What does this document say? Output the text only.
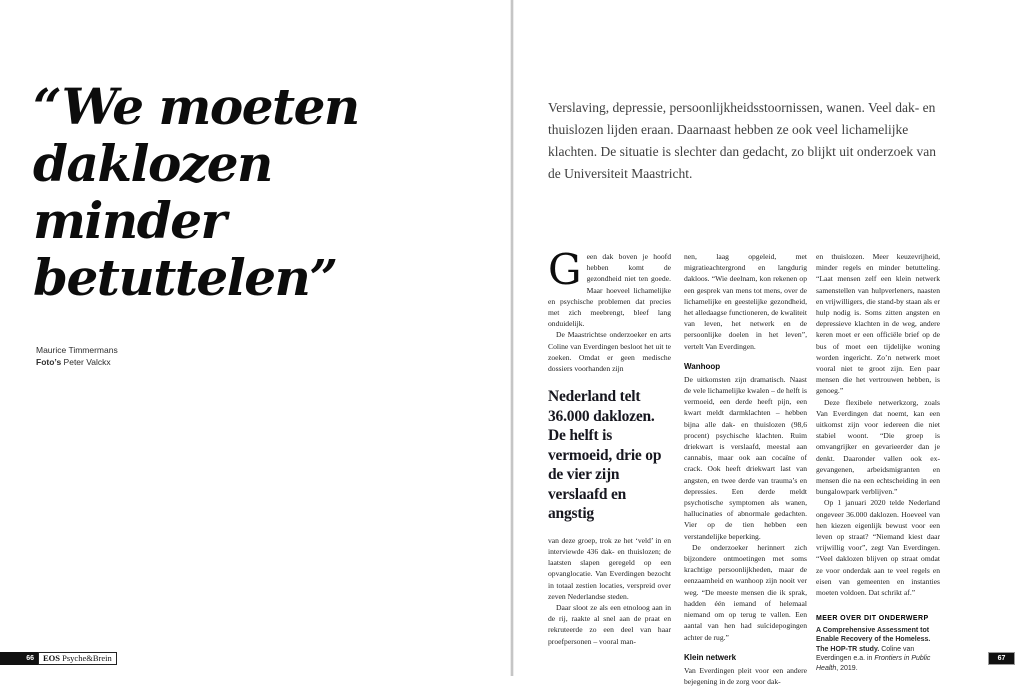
“We moeten
daklozen
minder
betuttelen”
Maurice Timmermans
Foto’s Peter Valckx
66	EOS Psyche&Brein
Verslaving, depressie, persoonlijkheidsstoornissen, wanen. Veel dak- en thuislozen lijden eraan. Daarnaast hebben ze ook veel lichamelijke klachten. De situatie is slechter dan gedacht, zo blijkt uit onderzoek van de Universiteit Maastricht.

Geen dak boven je hoofd hebben komt de gezondheid niet ten goede. Maar hoeveel lichamelijke en psychische problemen dat precies met zich meebrengt, bleef lang onduidelijk.

De Maastrichtse onderzoeker en arts Coline van Everdingen besloot het uit te zoeken. Omdat er geen medische dossiers voorhanden zijn

Nederland telt 36.000 daklozen. De helft is vermoeid, drie op de vier zijn verslaafd en angstig

van deze groep, trok ze het ‘veld’ in en interviewde 436 dak- en thuislozen; de laatsten slapen geregeld op een opvanglocatie. Van Everdingen bezocht in totaal zestien locaties, verspreid over zeven Nederlandse steden.

Daar sloot ze als een etnoloog aan in de rij, raakte al snel aan de praat en rekruteerde zo een deel van haar proefpersonen – vooral man-

nen, laag opgeleid, met migratieachtergrond en langdurig dakloos. “Wie deelnam, kon rekenen op een gesprek van mens tot mens, over de lichamelijke en geestelijke gezondheid, het alledaagse functioneren, de kwaliteit van leven, het netwerk en de persoonlijke doelen in het leven”, vertelt Van Everdingen.

Wanhoop

De uitkomsten zijn dramatisch. Naast de vele lichamelijke kwalen – de helft is vermoeid, een derde heeft pijn, een kwart meldt darmklachten – hebben bijna alle dak- en thuislozen (98,6 procent) psychische klachten. Ruim driekwart is verslaafd, meestal aan cannabis, maar ook aan cocaïne of crack. Ook heeft driekwart last van angsten, en twee derde van trauma’s en depressies. Een derde meldt psychotische symptomen als wanen, hallucinaties of abnormale gedachten. Vier op de tien hebben een verstandelijke beperking.

De onderzoeker herinnert zich bijzondere ontmoetingen met soms krachtige persoonlijkheden, maar de eenzaamheid en wanhoop zijn nooit ver weg. “De meeste mensen die ik sprak, hadden één iemand of helemaal niemand om op terug te vallen. Een aantal van hen had suïcidepogingen achter de rug.”

Klein netwerk

Van Everdingen pleit voor een andere bejegening in de zorg voor dak-

en thuislozen. Meer keuzevrijheid, minder regels en minder betutteling. “Laat mensen zelf een klein netwerk samenstellen van hulpverleners, naasten en vrijwilligers, die stand-by staan als er hulp nodig is. Soms zitten angsten en depressieve klachten in de weg, andere keren moet er een officiële brief op de bus of moet een tijdelijke woning worden ingericht. Zo’n netwerk moet vooral niet te groot zijn. Een paar mensen die het vertrouwen hebben, is genoeg.”

Deze flexibele netwerkzorg, zoals Van Everdingen dat noemt, kan een uitkomst zijn voor iedereen die niet stabiel woont. “Die groep is omvangrijker en gevarieerder dan je denkt. Daaronder vallen ook ex-gevangenen, arbeidsmigranten en mensen die na een echtscheiding in een bungalowpark verblijven.”

Op 1 januari 2020 telde Nederland ongeveer 36.000 daklozen. Hoeveel van hen kiezen eigenlijk bewust voor een leven op straat? “Niemand kiest daar vrijwillig voor”, zegt Van Everdingen. “Veel daklozen blijven op straat omdat ze voor onderdak aan te veel regels en eisen van gemeenten en instanties moeten voldoen. Dat schrikt af.”

MEER OVER DIT ONDERWERP
A Comprehensive Assessment tot Enable Recovery of the Homeless. The HOP-TR study. Coline van Everdingen e.a. in Frontiers in Public Health, 2019.
67
